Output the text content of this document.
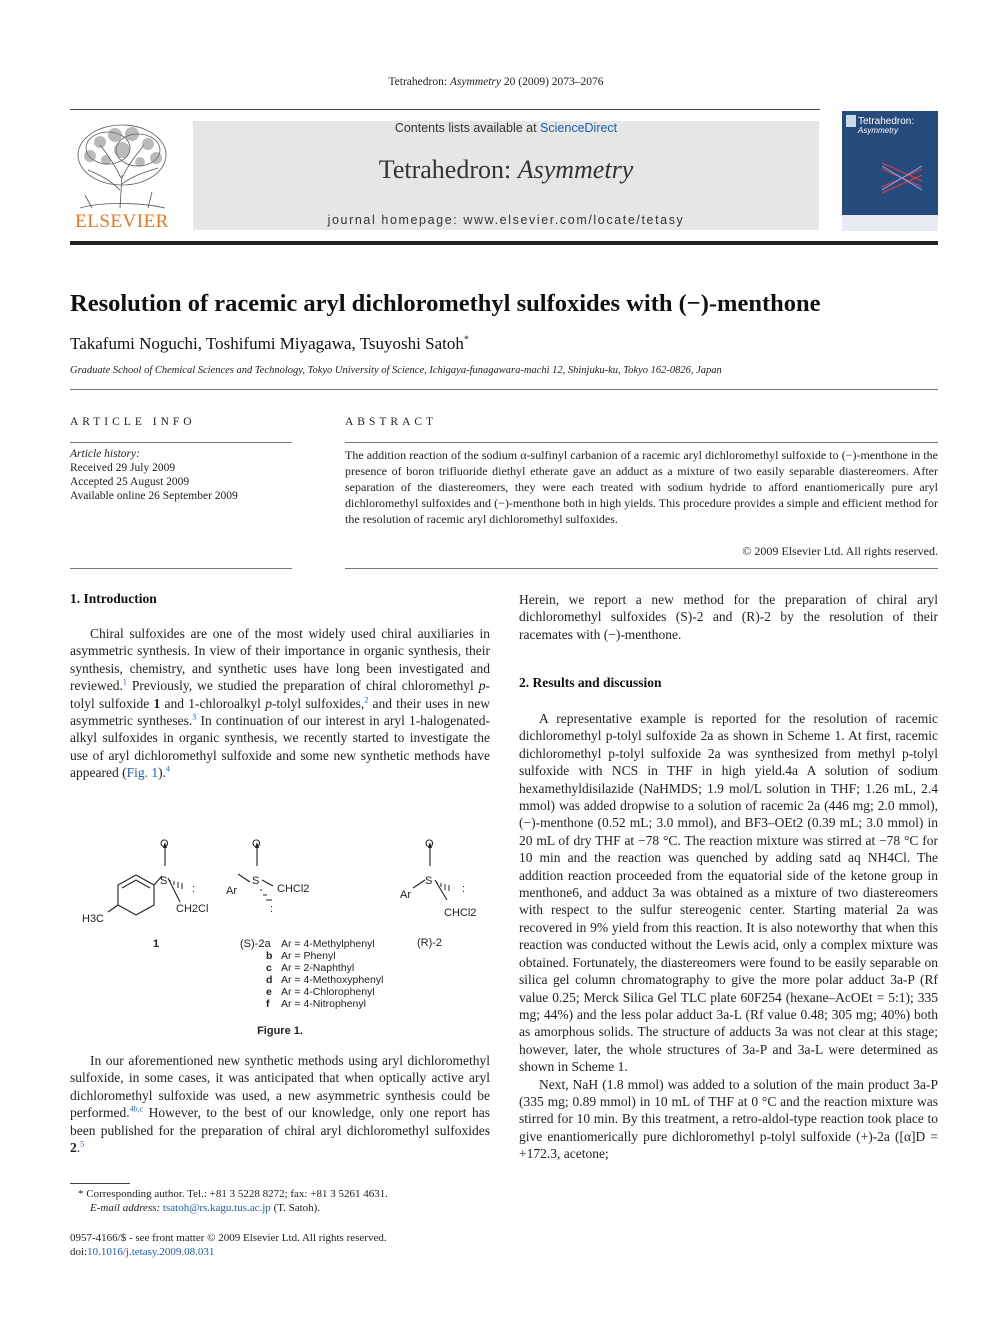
Tetrahedron: Asymmetry 20 (2009) 2073–2076
ELSEVIER
Contents lists available at ScienceDirect
Tetrahedron: Asymmetry
journal homepage: www.elsevier.com/locate/tetasy
Tetrahedron:
Asymmetry
Resolution of racemic aryl dichloromethyl sulfoxides with (−)-menthone
Takafumi Noguchi, Toshifumi Miyagawa, Tsuyoshi Satoh*
Graduate School of Chemical Sciences and Technology, Tokyo University of Science, Ichigaya-funagawara-machi 12, Shinjuku-ku, Tokyo 162-0826, Japan
ARTICLE INFO
Article history:
Received 29 July 2009
Accepted 25 August 2009
Available online 26 September 2009
ABSTRACT
The addition reaction of the sodium α-sulfinyl carbanion of a racemic aryl dichloromethyl sulfoxide to (−)-menthone in the presence of boron trifluoride diethyl etherate gave an adduct as a mixture of two easily separable diastereomers. After separation of the diastereomers, they were each treated with sodium hydride to afford enantiomerically pure aryl dichloromethyl sulfoxides and (−)-menthone both in high yields. This procedure provides a simple and efficient method for the resolution of racemic aryl dichloromethyl sulfoxides.
© 2009 Elsevier Ltd. All rights reserved.
1. Introduction

Chiral sulfoxides are one of the most widely used chiral auxiliaries in asymmetric synthesis. In view of their importance in organic synthesis, their synthesis, chemistry, and synthetic uses have long been investigated and reviewed.$^1$ Previously, we studied the preparation of chiral chloromethyl p-tolyl sulfoxide 1 and 1-chloroalkyl p-tolyl sulfoxides,$^2$ and their uses in new asymmetric syntheses.$^3$ In continuation of our interest in aryl 1-halogenated-alkyl sulfoxides in organic synthesis, we recently started to investigate the use of aryl dichloromethyl sulfoxide and some new synthetic methods have appeared (Fig. 1).$^4$

O
S
:
CH2Cl
H3C
O
S
Ar	CHCl2
:
O
S
Ar	:
CHCl2
1	(S)-2a	(R)-2
Ar = 4-Methylphenyl
b Ar = Phenyl
c Ar = 2-Naphthyl
d Ar = 4-Methoxyphenyl
e Ar = 4-Chlorophenyl
f Ar = 4-Nitrophenyl
Figure 1.

In our aforementioned new synthetic methods using aryl dichloromethyl sulfoxide, in some cases, it was anticipated that when optically active aryl dichloromethyl sulfoxide was used, a new asymmetric synthesis could be performed.$^{4b,c}$ However, to the best of our knowledge, only one report has been published for the preparation of chiral aryl dichloromethyl sulfoxides 2.$^5$

* Corresponding author. Tel.: +81 3 5228 8272; fax: +81 3 5261 4631.
E-mail address: tsatoh@rs.kagu.tus.ac.jp (T. Satoh).
0957-4166/$ - see front matter © 2009 Elsevier Ltd. All rights reserved.
doi:10.1016/j.tetasy.2009.08.031

Herein, we report a new method for the preparation of chiral aryl dichloromethyl sulfoxides (S)-2 and (R)-2 by the resolution of their racemates with (−)-menthone.

2. Results and discussion

A representative example is reported for the resolution of racemic dichloromethyl p-tolyl sulfoxide 2a as shown in Scheme 1. At first, racemic dichloromethyl p-tolyl sulfoxide 2a was synthesized from methyl p-tolyl sulfoxide with NCS in THF in high yield.4a A solution of sodium hexamethyldisilazide (NaHMDS; 1.9 mol/L solution in THF; 1.26 mL, 2.4 mmol) was added dropwise to a solution of racemic 2a (446 mg; 2.0 mmol), (−)-menthone (0.52 mL; 3.0 mmol), and BF3–OEt2 (0.39 mL; 3.0 mmol) in 20 mL of dry THF at −78 °C. The reaction mixture was stirred at −78 °C for 10 min and the reaction was quenched by adding satd aq NH4Cl. The addition reaction proceeded from the equatorial side of the ketone group in menthone6, and adduct 3a was obtained as a mixture of two diastereomers with respect to the sulfur stereogenic center. Starting material 2a was recovered in 9% yield from this reaction. It is also noteworthy that when this reaction was conducted without the Lewis acid, only a complex mixture was obtained. Fortunately, the diastereomers were found to be easily separable on silica gel column chromatography to give the more polar adduct 3a-P (Rf value 0.25; Merck Silica Gel TLC plate 60F254 (hexane–AcOEt = 5:1); 335 mg; 44%) and the less polar adduct 3a-L (Rf value 0.48; 305 mg; 40%) both as amorphous solids. The structure of adducts 3a was not clear at this stage; however, later, the whole structures of 3a-P and 3a-L were determined as shown in Scheme 1.

Next, NaH (1.8 mmol) was added to a solution of the main product 3a-P (335 mg; 0.89 mmol) in 10 mL of THF at 0 °C and the reaction mixture was stirred for 10 min. By this treatment, a retro-aldol-type reaction took place to give enantiomerically pure dichloromethyl p-tolyl sulfoxide (+)-2a ([α]D = +172.3, acetone;
